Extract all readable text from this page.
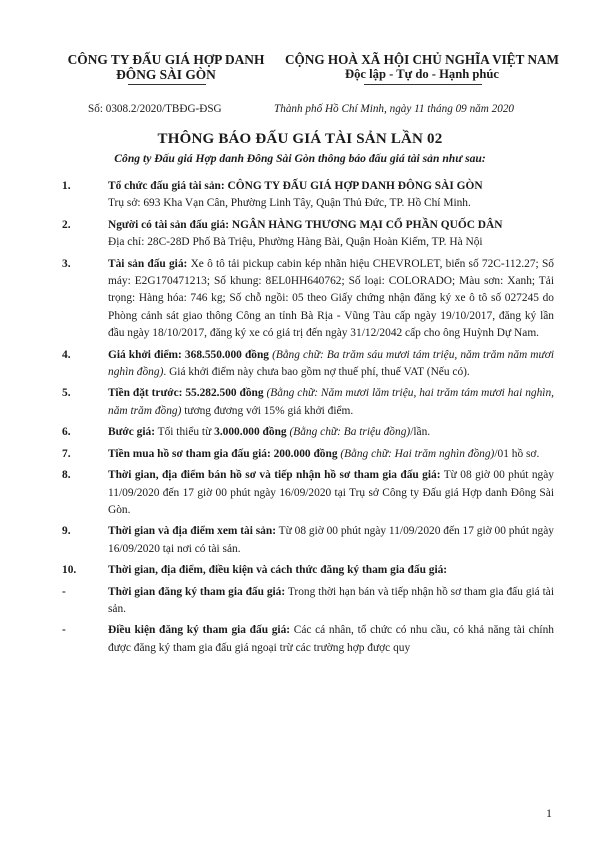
CÔNG TY ĐẤU GIÁ HỢP DANH
ĐÔNG SÀI GÒN
CỘNG HOÀ XÃ HỘI CHỦ NGHĨA VIỆT NAM
Độc lập - Tự do - Hạnh phúc
Số: 0308.2/2020/TBĐG-ĐSG	Thành phố Hồ Chí Minh, ngày 11 tháng 09 năm 2020
THÔNG BÁO ĐẤU GIÁ TÀI SẢN LẦN 02
Công ty Đấu giá Hợp danh Đông Sài Gòn thông báo đấu giá tài sản như sau:
1.	Tổ chức đấu giá tài sản: CÔNG TY ĐẤU GIÁ HỢP DANH ĐÔNG SÀI GÒN
Trụ sở: 693 Kha Vạn Cân, Phường Linh Tây, Quận Thủ Đức, TP. Hồ Chí Minh.
2.	Người có tài sản đấu giá: NGÂN HÀNG THƯƠNG MẠI CỔ PHẦN QUỐC DÂN
Địa chỉ: 28C-28D Phố Bà Triệu, Phường Hàng Bài, Quận Hoàn Kiếm, TP. Hà Nội
3.	Tài sản đấu giá: Xe ô tô tải pickup cabin kép nhãn hiệu CHEVROLET, biển số 72C-112.27; Số máy: E2G170471213; Số khung: 8EL0HH640762; Số loại: COLORADO; Màu sơn: Xanh; Tải trọng: Hàng hóa: 746 kg; Số chỗ ngồi: 05 theo Giấy chứng nhận đăng ký xe ô tô số 027245 do Phòng cảnh sát giao thông Công an tỉnh Bà Rịa - Vũng Tàu cấp ngày 19/10/2017, đăng ký lần đầu ngày 18/10/2017, đăng ký xe có giá trị đến ngày 31/12/2042 cấp cho ông Huỳnh Dự Nam.
4.	Giá khởi điểm: 368.550.000 đồng (Bằng chữ: Ba trăm sáu mươi tám triệu, năm trăm năm mươi nghìn đồng). Giá khởi điểm này chưa bao gồm nợ thuế phí, thuế VAT (Nếu có).
5.	Tiền đặt trước: 55.282.500 đồng (Bằng chữ: Năm mươi lăm triệu, hai trăm tám mươi hai nghìn, năm trăm đồng) tương đương với 15% giá khởi điểm.
6.	Bước giá: Tối thiểu từ 3.000.000 đồng (Bằng chữ: Ba triệu đồng)/lần.
7.	Tiền mua hồ sơ tham gia đấu giá: 200.000 đồng (Bằng chữ: Hai trăm nghìn đồng)/01 hồ sơ.
8.	Thời gian, địa điểm bán hồ sơ và tiếp nhận hồ sơ tham gia đấu giá: Từ 08 giờ 00 phút ngày 11/09/2020 đến 17 giờ 00 phút ngày 16/09/2020 tại Trụ sở Công ty Đấu giá Hợp danh Đông Sài Gòn.
9.	Thời gian và địa điểm xem tài sản: Từ 08 giờ 00 phút ngày 11/09/2020 đến 17 giờ 00 phút ngày 16/09/2020 tại nơi có tài sản.
10.	Thời gian, địa điểm, điều kiện và cách thức đăng ký tham gia đấu giá:
-	Thời gian đăng ký tham gia đấu giá: Trong thời hạn bán và tiếp nhận hồ sơ tham gia đấu giá tài sản.
-	Điều kiện đăng ký tham gia đấu giá: Các cá nhân, tổ chức có nhu cầu, có khả năng tài chính được đăng ký tham gia đấu giá ngoại trừ các trường hợp được quy
1
